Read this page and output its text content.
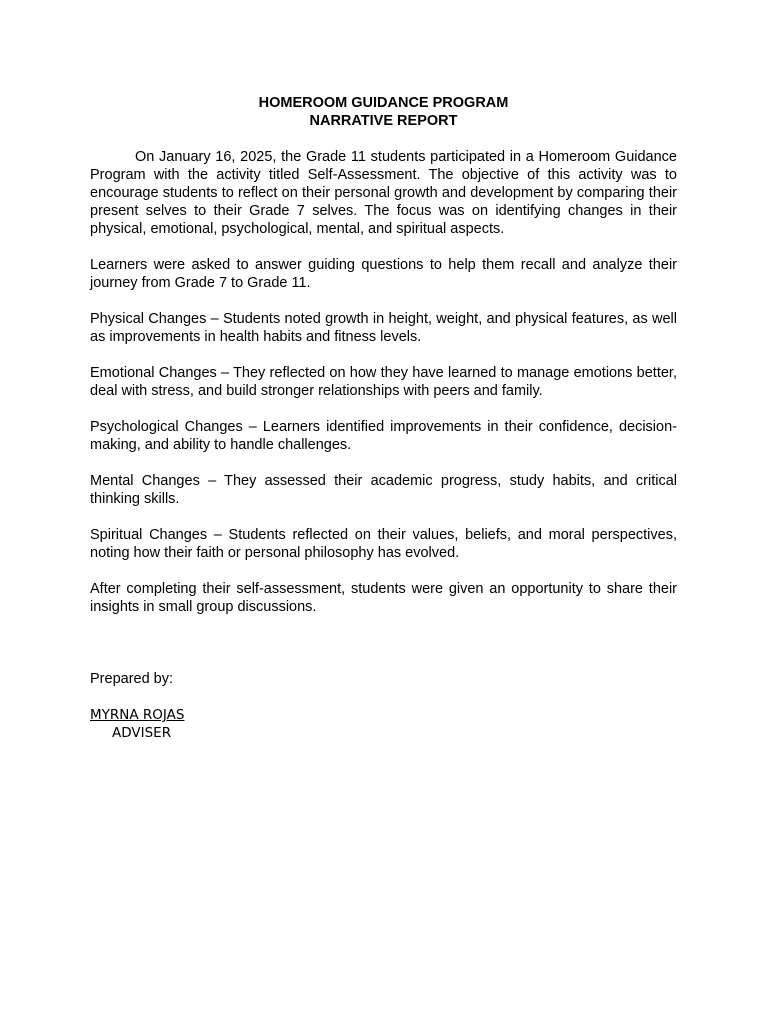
HOMEROOM GUIDANCE PROGRAM
NARRATIVE REPORT

On January 16, 2025, the Grade 11 students participated in a Homeroom Guidance Program with the activity titled Self-Assessment. The objective of this activity was to encourage students to reflect on their personal growth and development by comparing their present selves to their Grade 7 selves. The focus was on identifying changes in their physical, emotional, psychological, mental, and spiritual aspects.

Learners were asked to answer guiding questions to help them recall and analyze their journey from Grade 7 to Grade 11.

Physical Changes – Students noted growth in height, weight, and physical features, as well as improvements in health habits and fitness levels.

Emotional Changes – They reflected on how they have learned to manage emotions better, deal with stress, and build stronger relationships with peers and family.

Psychological Changes – Learners identified improvements in their confidence, decision-making, and ability to handle challenges.

Mental Changes – They assessed their academic progress, study habits, and critical thinking skills.

Spiritual Changes – Students reflected on their values, beliefs, and moral perspectives, noting how their faith or personal philosophy has evolved.

After completing their self-assessment, students were given an opportunity to share their insights in small group discussions.

Prepared by:

MYRNA ROJAS

ADVISER
